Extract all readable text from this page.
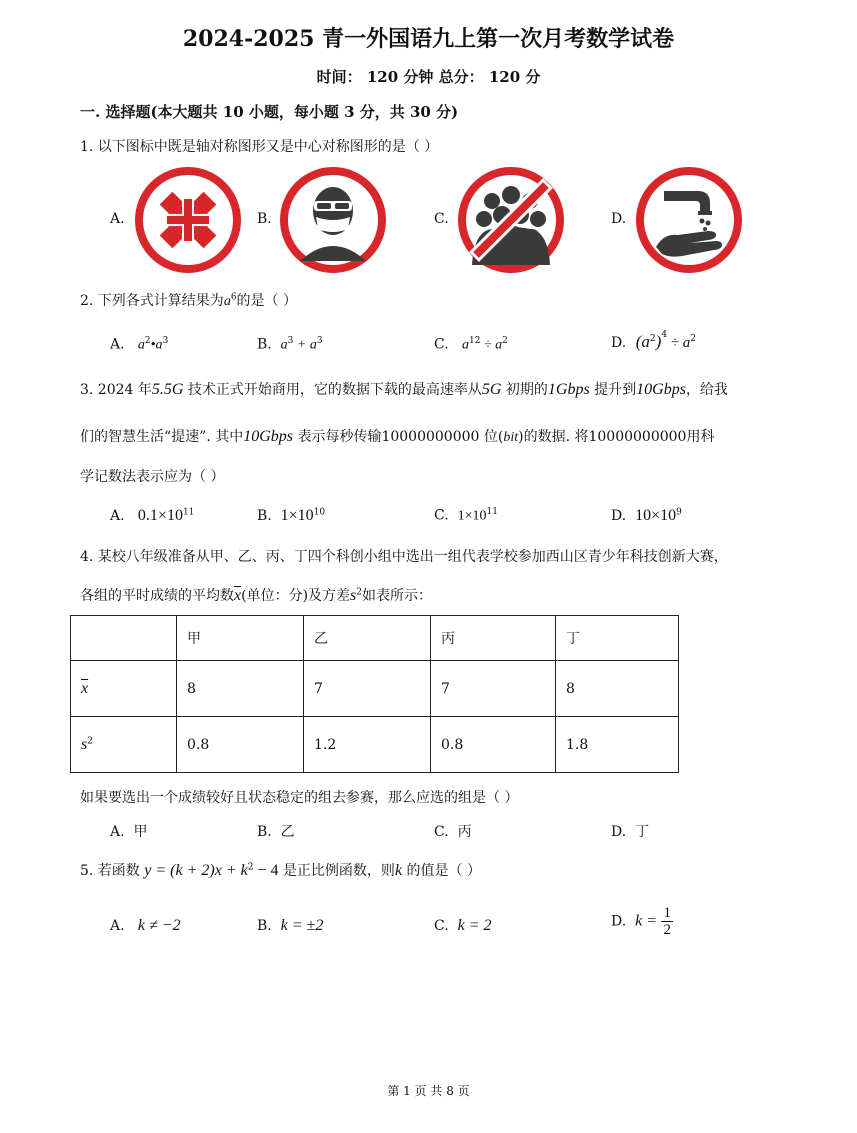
2024-2025 青一外国语九上第一次月考数学试卷
时间： 120 分钟 总分： 120 分
一. 选择题(本大题共 10 小题，每小题 3 分，共 30 分)
1. 以下图标中既是轴对称图形又是中心对称图形的是（ ）
A.	B.	C.	D.
2. 下列各式计算结果为$a^6$的是（ ）
A. $a^2•a^3$	B. $a^3 + a^3$	C. $a^{12} \div a^2$	D. $(a^2)^4 \div a^2$
3. 2024 年5.5G 技术正式开始商用，它的数据下载的最高速率从5G 初期的1Gbps 提升到10Gbps，给我
们的智慧生活“提速”. 其中10Gbps 表示每秒传输10000000000 位(bit)的数据. 将10000000000用科
学记数法表示应为（ ）
A. $0.1\times 10^{11}$	B. $1\times 10^{10}$	C. $1\times 10^{11}$	D. $10\times 10^9$
4. 某校八年级准备从甲、乙、丙、丁四个科创小组中选出一组代表学校参加西山区青少年科技创新大赛，
各组的平时成绩的平均数$\overline{x}$(单位：分)及方差$s^2$如表所示：
	甲	乙	丙	丁
$\overline{x}$	8	7	7	8
$s^2$	0.8	1.2	0.8	1.8
如果要选出一个成绩较好且状态稳定的组去参赛，那么应选的组是（ ）
A. 甲	B. 乙	C. 丙	D. 丁
5. 若函数 $y = (k + 2)x + k^2 - 4$ 是正比例函数，则k 的值是（ ）
A. k ≠ −2	B. k = ±2	C. k = 2	D. $k = \frac{1}{2}$
第 1 页 共 8 页
